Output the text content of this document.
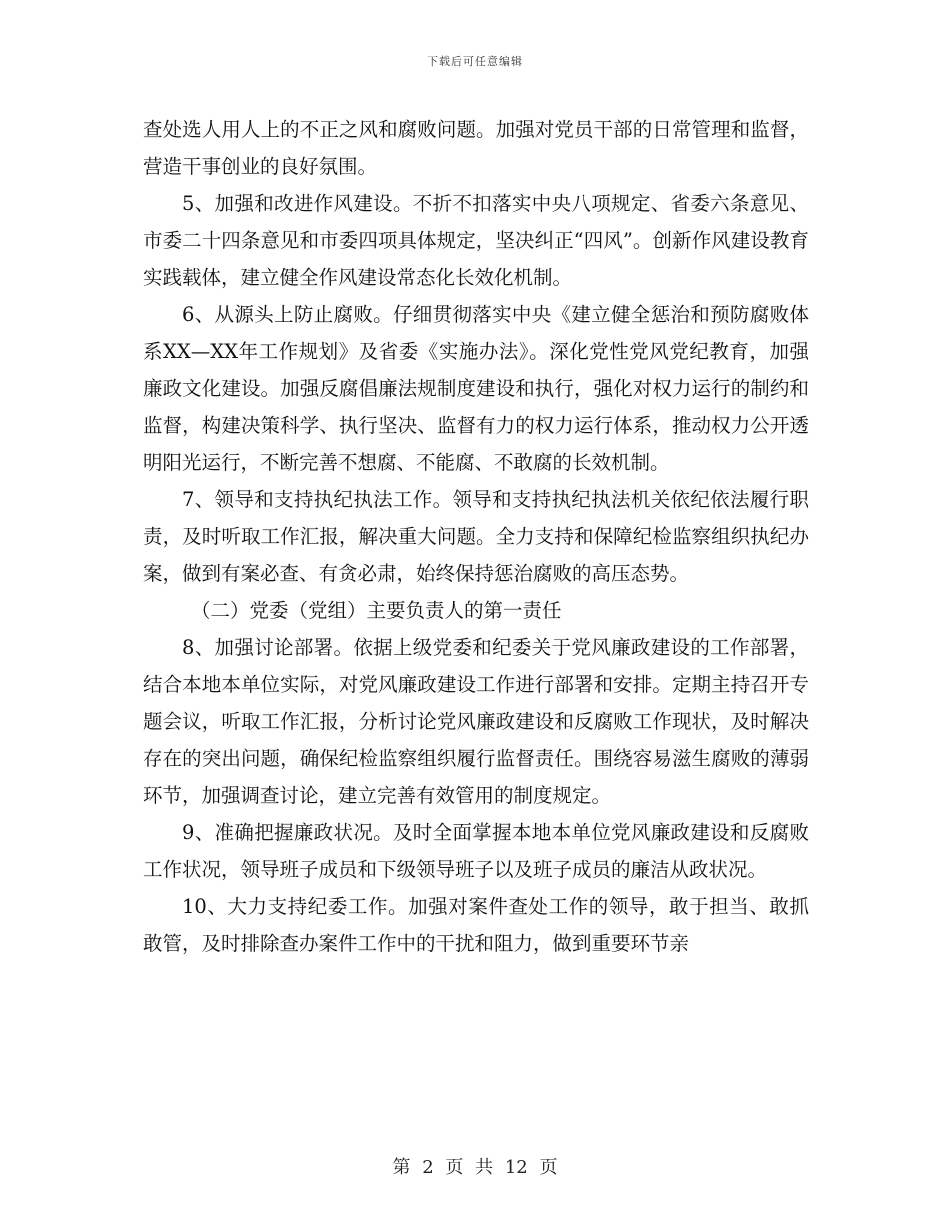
下载后可任意编辑

查处选人用人上的不正之风和腐败问题。加强对党员干部的日常管理和监督，营造干事创业的良好氛围。

5、加强和改进作风建设。不折不扣落实中央八项规定、省委六条意见、市委二十四条意见和市委四项具体规定，坚决纠正“四风”。创新作风建设教育实践载体，建立健全作风建设常态化长效化机制。

6、从源头上防止腐败。仔细贯彻落实中央《建立健全惩治和预防腐败体系XX—XX年工作规划》及省委《实施办法》。深化党性党风党纪教育，加强廉政文化建设。加强反腐倡廉法规制度建设和执行，强化对权力运行的制约和监督，构建决策科学、执行坚决、监督有力的权力运行体系，推动权力公开透明阳光运行，不断完善不想腐、不能腐、不敢腐的长效机制。

7、领导和支持执纪执法工作。领导和支持执纪执法机关依纪依法履行职责，及时听取工作汇报，解决重大问题。全力支持和保障纪检监察组织执纪办案，做到有案必查、有贪必肃，始终保持惩治腐败的高压态势。

（二）党委（党组）主要负责人的第一责任

8、加强讨论部署。依据上级党委和纪委关于党风廉政建设的工作部署，结合本地本单位实际，对党风廉政建设工作进行部署和安排。定期主持召开专题会议，听取工作汇报，分析讨论党风廉政建设和反腐败工作现状，及时解决存在的突出问题，确保纪检监察组织履行监督责任。围绕容易滋生腐败的薄弱环节，加强调查讨论，建立完善有效管用的制度规定。

9、准确把握廉政状况。及时全面掌握本地本单位党风廉政建设和反腐败工作状况，领导班子成员和下级领导班子以及班子成员的廉洁从政状况。

10、大力支持纪委工作。加强对案件查处工作的领导，敢于担当、敢抓敢管，及时排除查办案件工作中的干扰和阻力，做到重要环节亲

第 2 页 共 12 页
